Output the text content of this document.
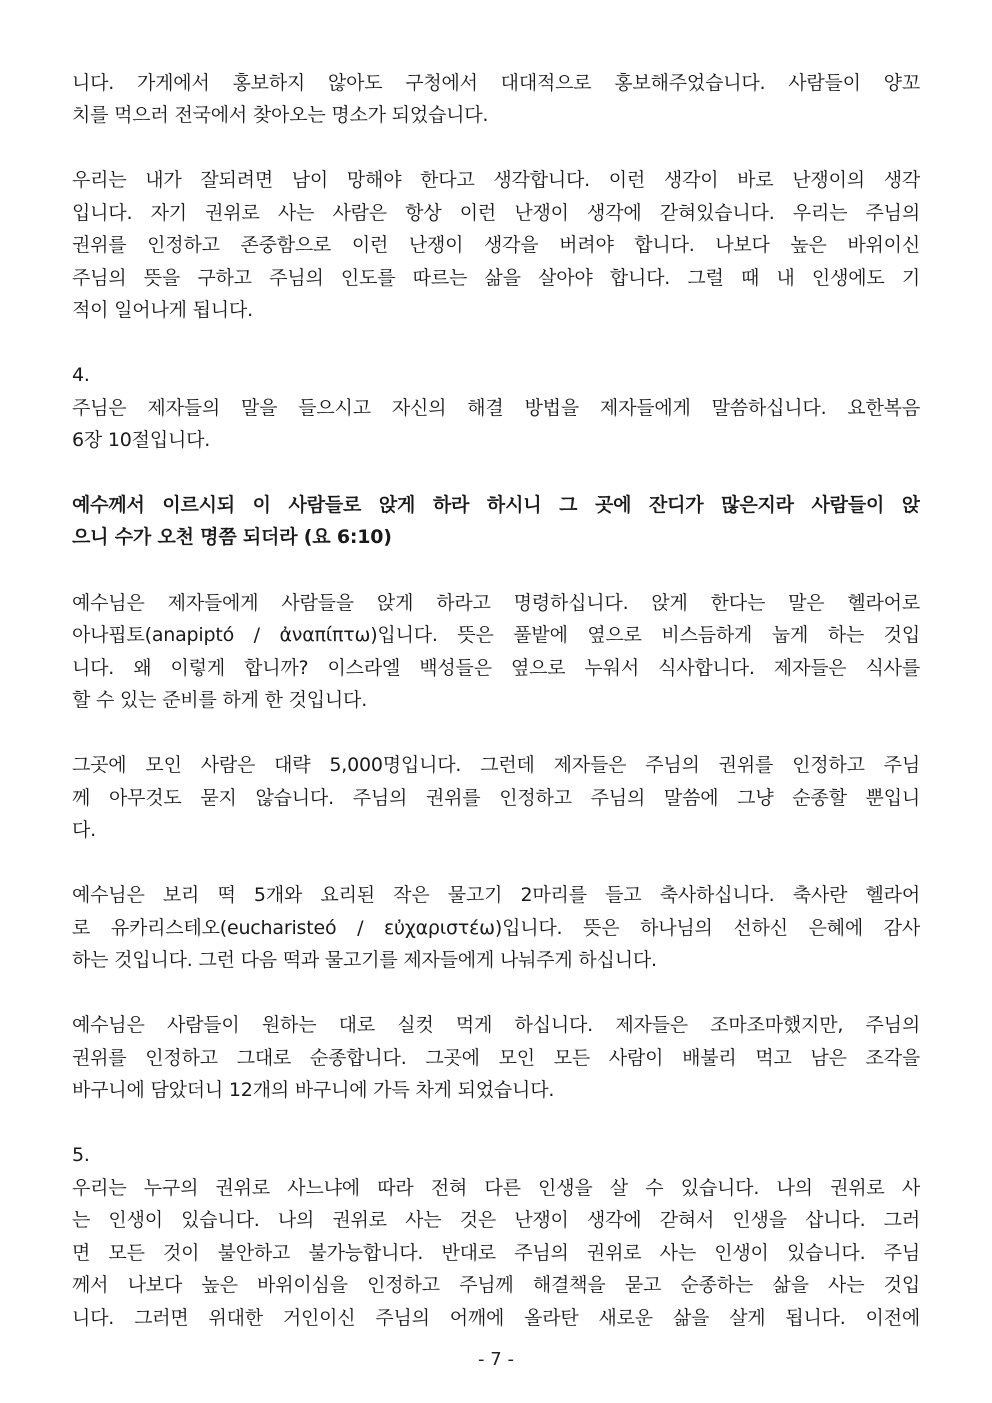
니다. 가게에서 홍보하지 않아도 구청에서 대대적으로 홍보해주었습니다. 사람들이 양꼬
치를 먹으러 전국에서 찾아오는 명소가 되었습니다.
우리는 내가 잘되려면 남이 망해야 한다고 생각합니다. 이런 생각이 바로 난쟁이의 생각
입니다. 자기 권위로 사는 사람은 항상 이런 난쟁이 생각에 갇혀있습니다. 우리는 주님의
권위를 인정하고 존중함으로 이런 난쟁이 생각을 버려야 합니다. 나보다 높은 바위이신
주님의 뜻을 구하고 주님의 인도를 따르는 삶을 살아야 합니다. 그럴 때 내 인생에도 기
적이 일어나게 됩니다.
4.
주님은 제자들의 말을 들으시고 자신의 해결 방법을 제자들에게 말씀하십니다. 요한복음
6장 10절입니다.
예수께서 이르시되 이 사람들로 앉게 하라 하시니 그 곳에 잔디가 많은지라 사람들이 앉
으니 수가 오천 명쯤 되더라 (요 6:10)
예수님은 제자들에게 사람들을 앉게 하라고 명령하십니다. 앉게 한다는 말은 헬라어로
아나핍토(anapiptó / ἀναπίπτω)입니다. 뜻은 풀밭에 옆으로 비스듬하게 눕게 하는 것입
니다. 왜 이렇게 합니까? 이스라엘 백성들은 옆으로 누워서 식사합니다. 제자들은 식사를
할 수 있는 준비를 하게 한 것입니다.
그곳에 모인 사람은 대략 5,000명입니다. 그런데 제자들은 주님의 권위를 인정하고 주님
께 아무것도 묻지 않습니다. 주님의 권위를 인정하고 주님의 말씀에 그냥 순종할 뿐입니
다.
예수님은 보리 떡 5개와 요리된 작은 물고기 2마리를 들고 축사하십니다. 축사란 헬라어
로 유카리스테오(eucharisteó / εὐχαριστέω)입니다. 뜻은 하나님의 선하신 은혜에 감사
하는 것입니다. 그런 다음 떡과 물고기를 제자들에게 나눠주게 하십니다.
예수님은 사람들이 원하는 대로 실컷 먹게 하십니다. 제자들은 조마조마했지만, 주님의
권위를 인정하고 그대로 순종합니다. 그곳에 모인 모든 사람이 배불리 먹고 남은 조각을
바구니에 담았더니 12개의 바구니에 가득 차게 되었습니다.
5.
우리는 누구의 권위로 사느냐에 따라 전혀 다른 인생을 살 수 있습니다. 나의 권위로 사
는 인생이 있습니다. 나의 권위로 사는 것은 난쟁이 생각에 갇혀서 인생을 삽니다. 그러
면 모든 것이 불안하고 불가능합니다. 반대로 주님의 권위로 사는 인생이 있습니다. 주님
께서 나보다 높은 바위이심을 인정하고 주님께 해결책을 묻고 순종하는 삶을 사는 것입
니다. 그러면 위대한 거인이신 주님의 어깨에 올라탄 새로운 삶을 살게 됩니다. 이전에
- 7 -
